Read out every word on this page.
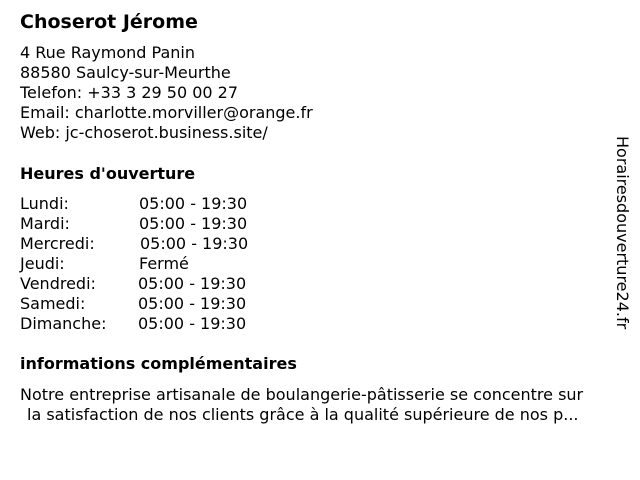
Choserot Jérome
4 Rue Raymond Panin
88580 Saulcy-sur-Meurthe
Telefon: +33 3 29 50 00 27
Email: charlotte.morviller@orange.fr
Web: jc-choserot.business.site/
Heures d'ouverture
Lundi:	05:00 - 19:30
Mardi:	05:00 - 19:30
Mercredi:	05:00 - 19:30
Jeudi:	Fermé
Vendredi:	05:00 - 19:30
Samedi:	05:00 - 19:30
Dimanche: 05:00 - 19:30
informations complémentaires
Notre entreprise artisanale de boulangerie-pâtisserie se concentre sur
la satisfaction de nos clients grâce à la qualité supérieure de nos p...
Horairesdouverture24.fr
